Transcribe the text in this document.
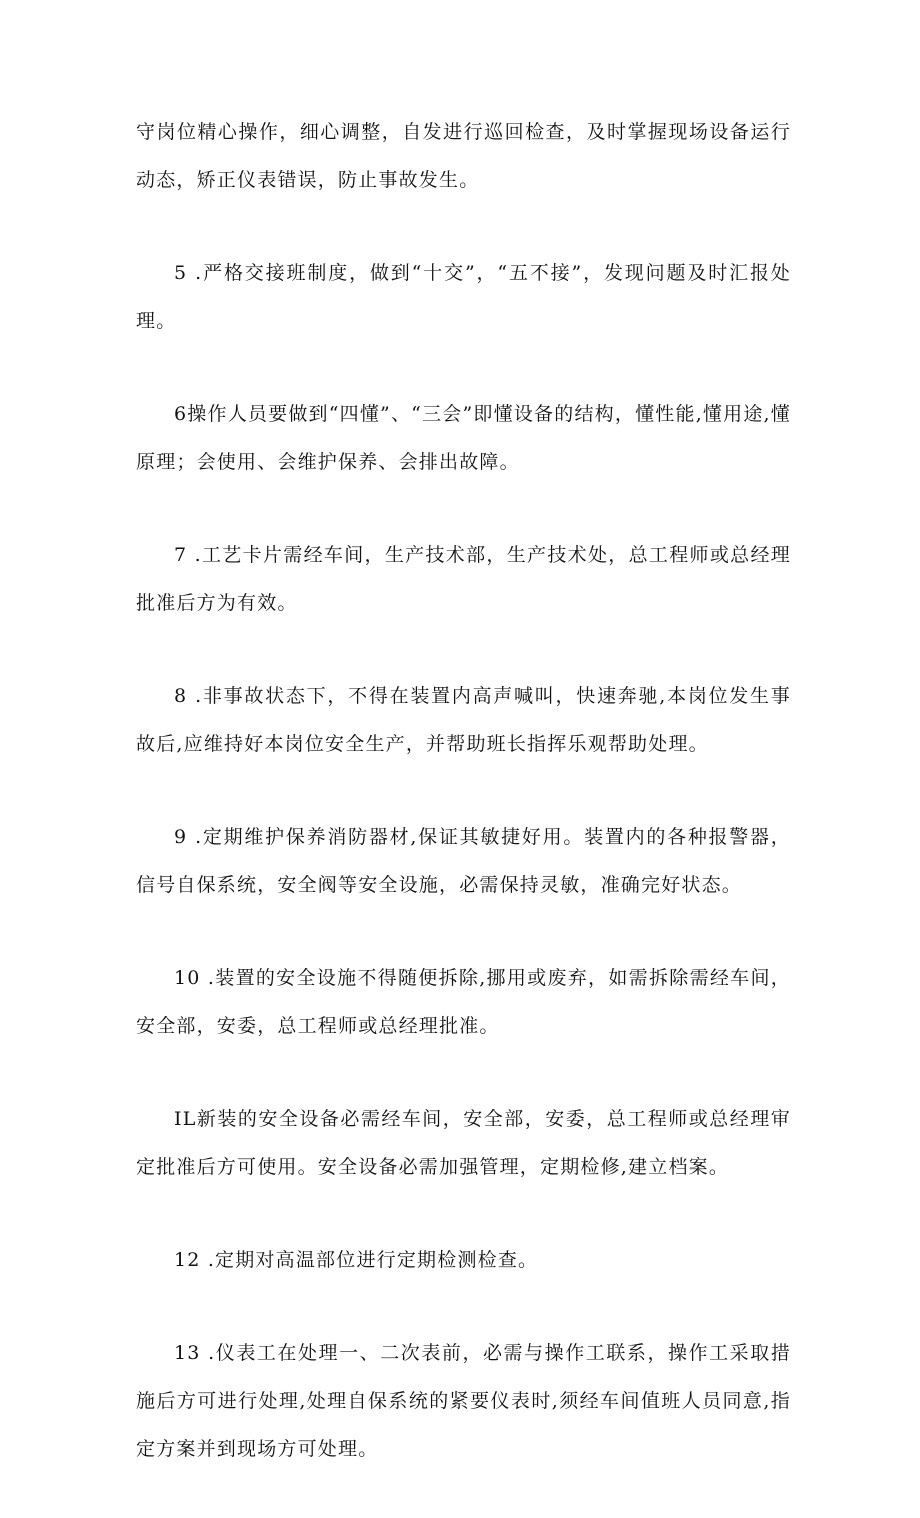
守岗位精心操作，细心调整，自发进行巡回检查，及时掌握现场设备运行动态，矫正仪表错误，防止事故发生。

5 .严格交接班制度，做到“十交”，“五不接”，发现问题及时汇报处理。

6操作人员要做到“四懂”、“三会”即懂设备的结构，懂性能,懂用途,懂原理；会使用、会维护保养、会排出故障。

7 .工艺卡片需经车间，生产技术部，生产技术处，总工程师或总经理批准后方为有效。

8 .非事故状态下，不得在装置内高声喊叫，快速奔驰,本岗位发生事故后,应维持好本岗位安全生产，并帮助班长指挥乐观帮助处理。

9 .定期维护保养消防器材,保证其敏捷好用。装置内的各种报警器，信号自保系统，安全阀等安全设施，必需保持灵敏，准确完好状态。

10 .装置的安全设施不得随便拆除,挪用或废弃，如需拆除需经车间，安全部，安委，总工程师或总经理批准。

IL新装的安全设备必需经车间，安全部，安委，总工程师或总经理审定批准后方可使用。安全设备必需加强管理，定期检修,建立档案。

12 .定期对高温部位进行定期检测检查。

13 .仪表工在处理一、二次表前，必需与操作工联系，操作工采取措施后方可进行处理,处理自保系统的紧要仪表时,须经车间值班人员同意,指定方案并到现场方可处理。
